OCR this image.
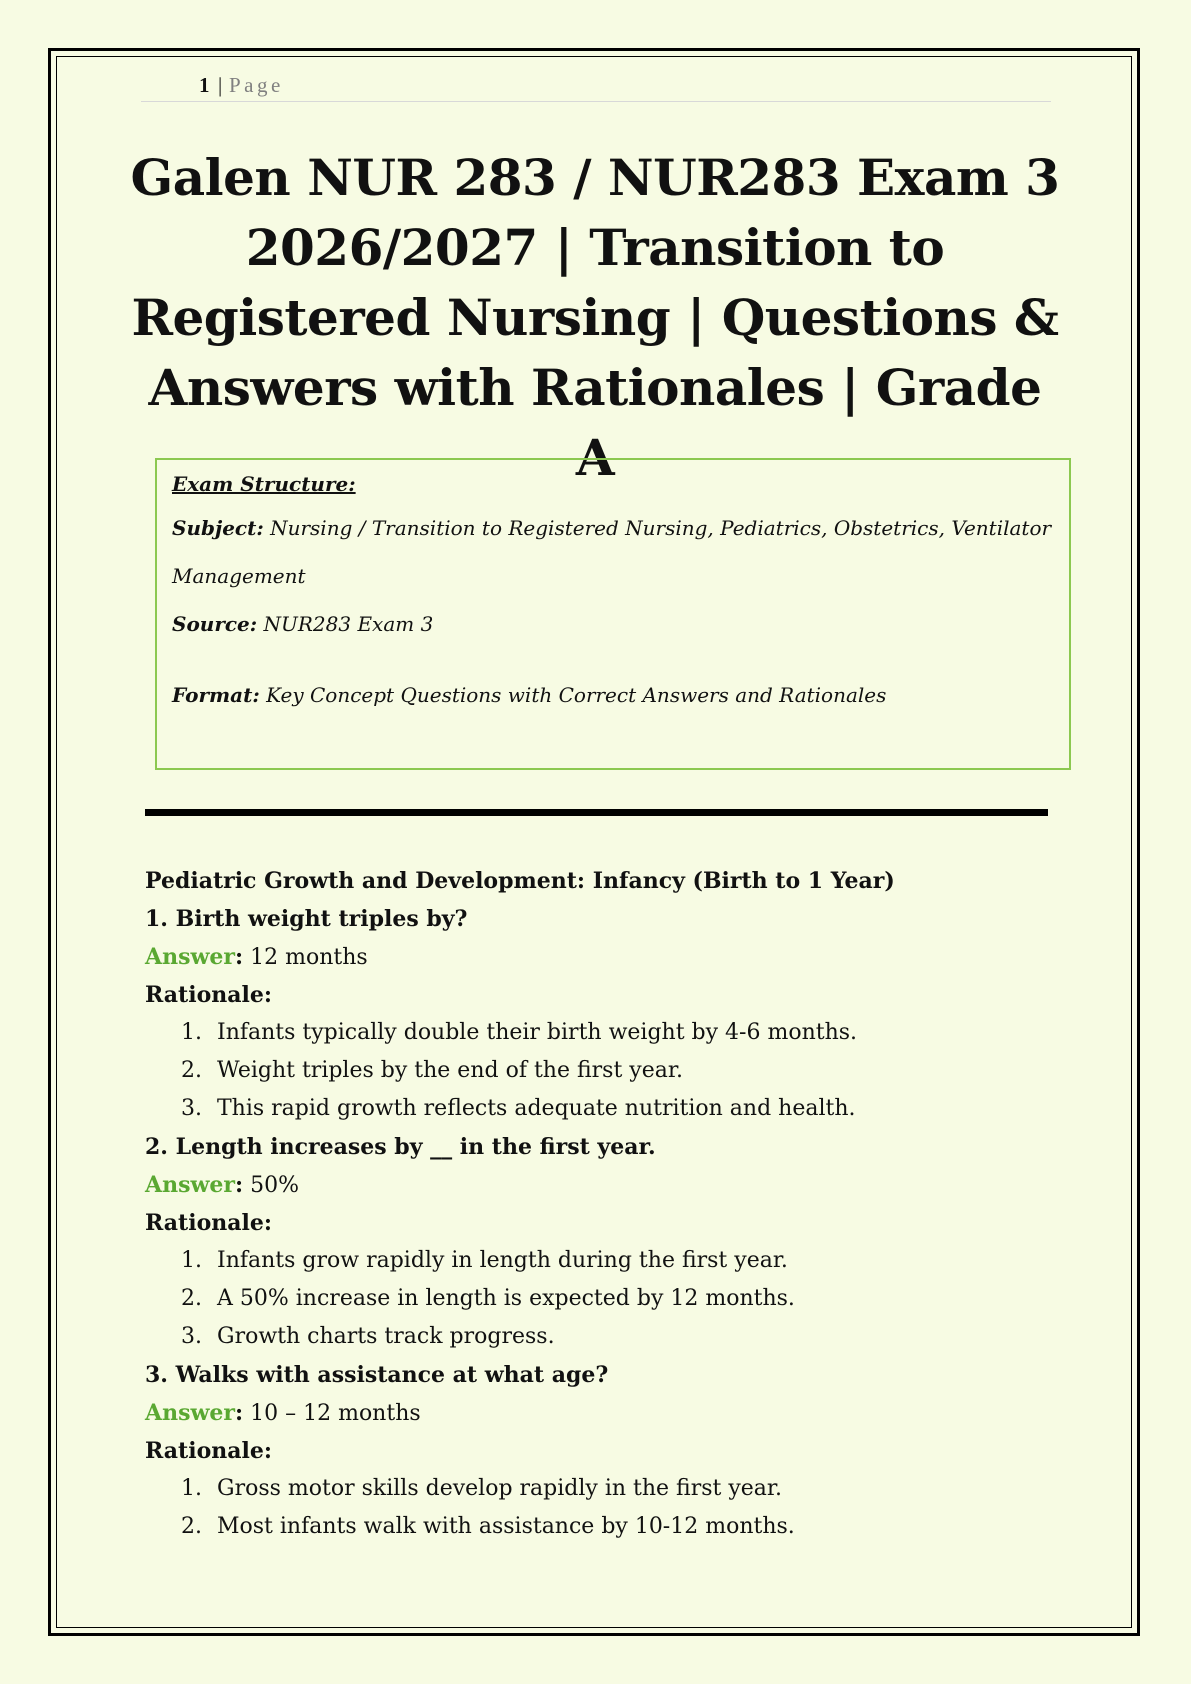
1 | Page
Galen NUR 283 / NUR283 Exam 3 2026/2027 | Transition to Registered Nursing | Questions & Answers with Rationales | Grade A
Exam Structure:
Subject: Nursing / Transition to Registered Nursing, Pediatrics, Obstetrics, Ventilator
Management
Source: NUR283 Exam 3
Format: Key Concept Questions with Correct Answers and Rationales
Pediatric Growth and Development: Infancy (Birth to 1 Year)
1. Birth weight triples by?
Answer: 12 months
Rationale:
1. Infants typically double their birth weight by 4-6 months.
2. Weight triples by the end of the first year.
3. This rapid growth reflects adequate nutrition and health.
2. Length increases by __ in the first year.
Answer: 50%
Rationale:
1. Infants grow rapidly in length during the first year.
2. A 50% increase in length is expected by 12 months.
3. Growth charts track progress.
3. Walks with assistance at what age?
Answer: 10 – 12 months
Rationale:
1. Gross motor skills develop rapidly in the first year.
2. Most infants walk with assistance by 10-12 months.
